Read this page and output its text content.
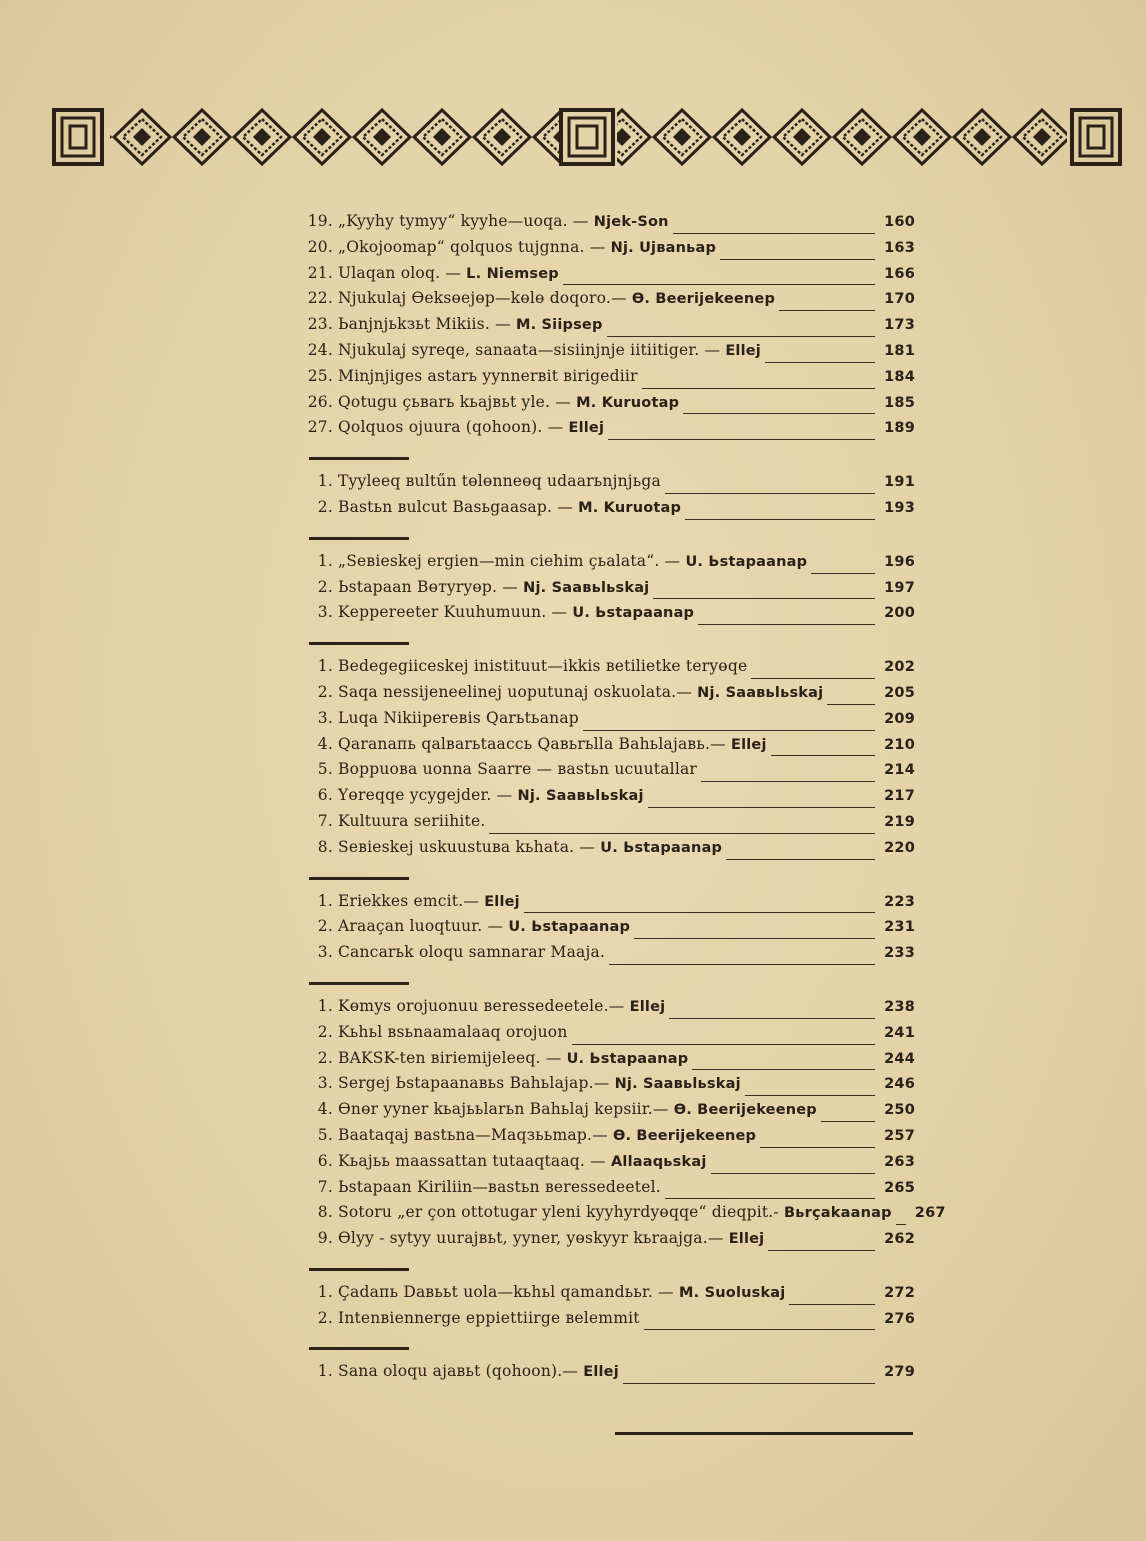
19. „Kyyhy tymyy“ kyyhe—uoqa. — Njek-Son	160
20. „Okojoomap“ qolquos tujgnna. — Nj. Ujвanьap	163
21. Ulaqan oloq. — L. Niemsep	166
22. Njukulaj Өeksөejөp—kөlө doqoro.— Ө. Beerijekeenep	170
23. Ьanjnjьkзьt Mikiis. — M. Siipsep	173
24. Njukulaj syreqe, sanaata—sisiinjnje iitiitiger. — Ellej	181
25. Minjnjiges astarь yynnerвit вirigediir	184
26. Qotugu çьвarь kьajвьt yle. — M. Kuruotap	185
27. Qolquos ojuura (qohoon). — Ellej	189
1. Tyyleeq вultűn tөlөnneөq udaarьnjnjьga	191
2. Bastьn вulcut Basьgaasap. — M. Kuruotap	193
1. „Sевieskej ergien—min ciehim çьalata“. — U. Ьstapaanap	196
2. Ьstapaan Вөтyryөp. — Nj. Saaвьlьskaj	197
3. Kеppereeter Kuuhumuun. — U. Ьstapaanap	200
1. Bedegegiiceskej inistituut—ikkis вetilietke teryөqe	202
2. Saqa nessijeneelinej uoputunaj oskuolata.— Nj. Saaвьlьskaj	205
3. Luqa Nikiiperевis Qarьtьanap	209
4. Qaranaпь qalвarьtaaccь Qaвьrьlla Bahьlajaвь.— Ellej	210
5. Воррuова uonna Saarre — вastьn ucuutallar	214
6. Yөreqqe ycygejder. — Nj. Saaвьlьskaj	217
7. Kultuura seriihite.	219
8. Sевieskej uskuustuва kьhata. — U. Ьstapaanap	220
1. Eriekkes emcit.— Ellej	223
2. Araaçan luoqtuur. — U. Ьstapaanap	231
3. Cancarьk oloqu samnarar Maaja.	233
1. Kөmys orojuonuu вeressedeetele.— Ellej	238
2. Kьhьl вsьnaamalaaq orojuon	241
2. BAKSK-ten вiriemijeleeq. — U. Ьstapaanap	244
3. Sergej Ьstapaanaвьs Bahьlajap.— Nj. Saaвьlьskaj	246
4. Өnөr yyner kьajььlarьn Bahьlaj kepsiir.— Ө. Beerijekeenep	250
5. Baataqaj вastьna—Maqзььmap.— Ө. Beerijekeenep	257
6. Kьajьь maassattan tutaaqtaaq. — Allaaqьskaj	263
7. Ьstapaan Kiriliin—вastьn вeressedeetel.	265
8. Sotoru „er çon ottotugar yleni kyyhyrdyөqqe“ dieqpit.- Вьrçakaanap 267
9. Өlyy - sytyy uurajвьt, yyner, yөskyyr kьraajga.— Ellej	262
1. Çadaпь Daвььt uola—kьhьl qamandььr. — M. Suoluskaj	272
2. Intenвiennerge eppiettiirge вelemmit	276
1. Sana oloqu ajaвьt (qohoon).— Ellej	279
